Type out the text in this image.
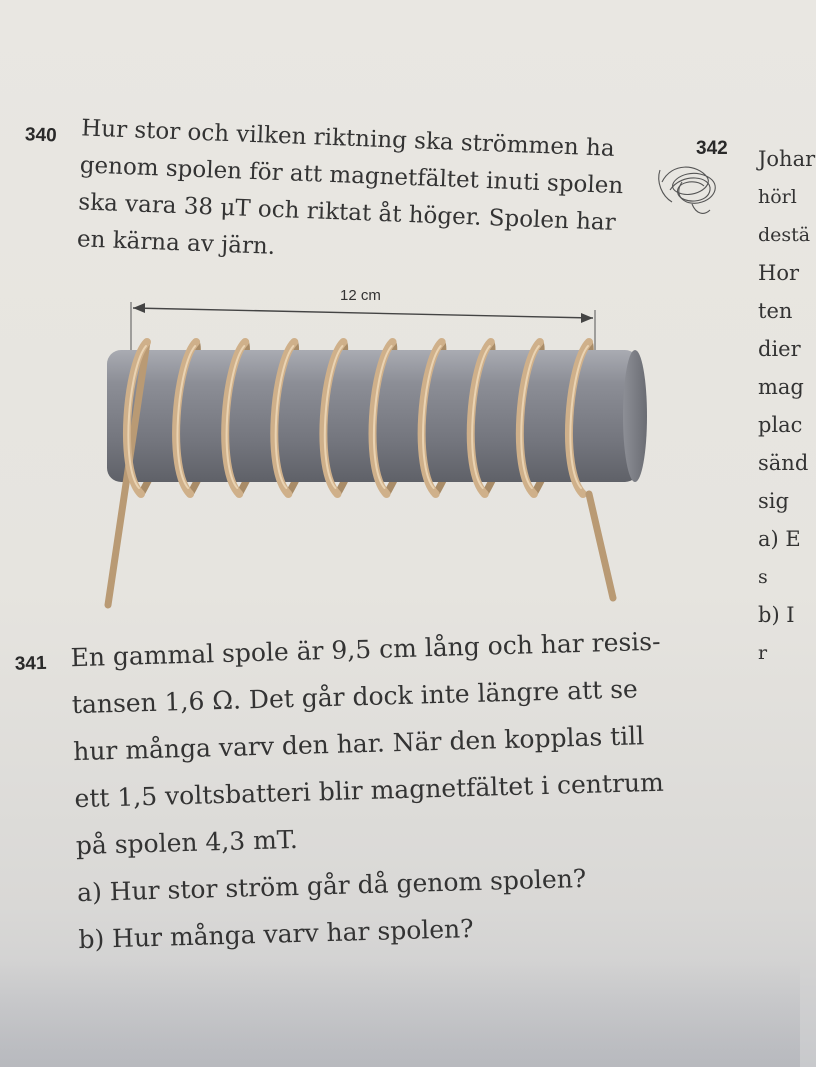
340 Hur stor och vilken riktning ska strömmen ha
genom spolen för att magnetfältet inuti spolen
ska vara 38 μT och riktat åt höger. Spolen har
en kärna av järn.
12 cm
341 En gammal spole är 9,5 cm lång och har resis-
tansen 1,6 Ω. Det går dock inte längre att se
hur många varv den har. När den kopplas till
ett 1,5 voltsbatteri blir magnetfältet i centrum
på spolen 4,3 mT.
a) Hur stor ström går då genom spolen?
b) Hur många varv har spolen?
342 Johar
hörl
destä
Hor
ten
dier
mag
plac
sänd
sig
a) E
s
b) I
r
